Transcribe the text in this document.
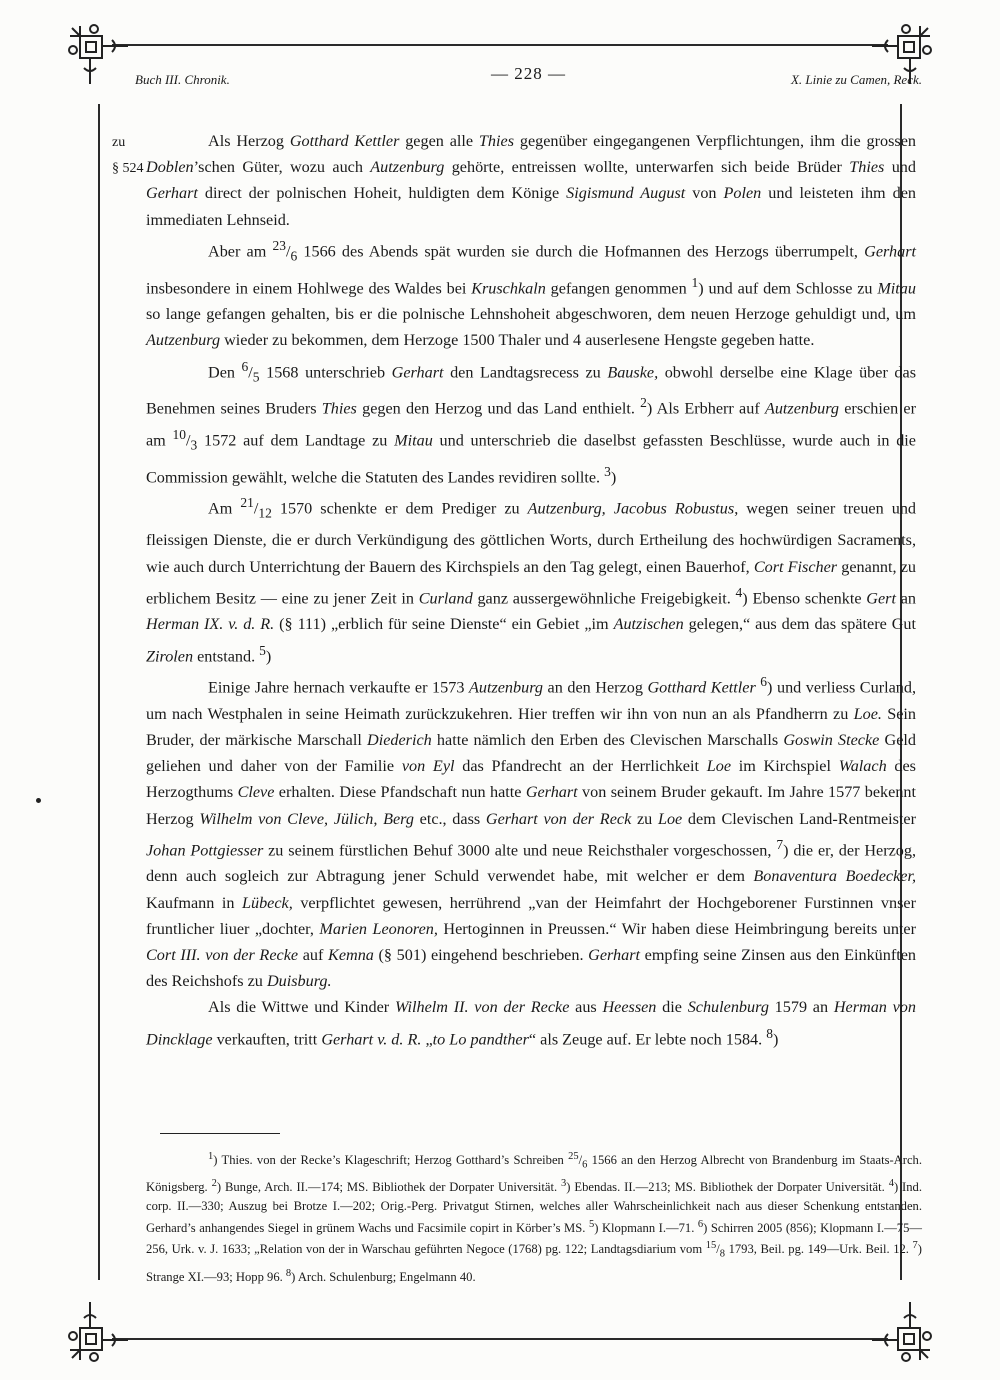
Buch III. Chronik.	— 228 —	X. Linie zu Camen, Reck.
zu
§ 524

Als Herzog Gotthard Kettler gegen alle Thies gegenüber eingegangenen Verpflichtungen, ihm die grossen Doblen’schen Güter, wozu auch Autzenburg gehörte, entreissen wollte, unterwarfen sich beide Brüder Thies und Gerhart direct der polnischen Hoheit, huldigten dem Könige Sigismund August von Polen und leisteten ihm den immediaten Lehnseid.

Aber am $^{23}/_6$ 1566 des Abends spät wurden sie durch die Hofmannen des Herzogs überrumpelt, Gerhart insbesondere in einem Hohlwege des Waldes bei Kruschkaln gefangen genommen $^1$) und auf dem Schlosse zu Mitau so lange gefangen gehalten, bis er die polnische Lehnshoheit abgeschworen, dem neuen Herzoge gehuldigt und, um Autzenburg wieder zu bekommen, dem Herzoge 1500 Thaler und 4 auserlesene Hengste gegeben hatte.

Den $^6/_5$ 1568 unterschrieb Gerhart den Landtagsrecess zu Bauske, obwohl derselbe eine Klage über das Benehmen seines Bruders Thies gegen den Herzog und das Land enthielt. $^2$) Als Erbherr auf Autzenburg erschien er am $^{10}/_3$ 1572 auf dem Landtage zu Mitau und unterschrieb die daselbst gefassten Beschlüsse, wurde auch in die Commission gewählt, welche die Statuten des Landes revidiren sollte. $^3$)

Am $^{21}/_{12}$ 1570 schenkte er dem Prediger zu Autzenburg, Jacobus Robustus, wegen seiner treuen und fleissigen Dienste, die er durch Verkündigung des göttlichen Worts, durch Ertheilung des hochwürdigen Sacraments, wie auch durch Unterrichtung der Bauern des Kirchspiels an den Tag gelegt, einen Bauerhof, Cort Fischer genannt, zu erblichem Besitz — eine zu jener Zeit in Curland ganz aussergewöhnliche Freigebigkeit. $^4$) Ebenso schenkte Gert an Herman IX. v. d. R. (§ 111) „erblich für seine Dienste“ ein Gebiet „im Autzischen gelegen,“ aus dem das spätere Gut Zirolen entstand. $^5$)

Einige Jahre hernach verkaufte er 1573 Autzenburg an den Herzog Gotthard Kettler $^6$) und verliess Curland, um nach Westphalen in seine Heimath zurückzukehren. Hier treffen wir ihn von nun an als Pfandherrn zu Loe. Sein Bruder, der märkische Marschall Diederich hatte nämlich den Erben des Clevischen Marschalls Goswin Stecke Geld geliehen und daher von der Familie von Eyl das Pfandrecht an der Herrlichkeit Loe im Kirchspiel Walach des Herzogthums Cleve erhalten. Diese Pfandschaft nun hatte Gerhart von seinem Bruder gekauft. Im Jahre 1577 bekennt Herzog Wilhelm von Cleve, Jülich, Berg etc., dass Gerhart von der Reck zu Loe dem Clevischen Land-Rentmeister Johan Pottgiesser zu seinem fürstlichen Behuf 3000 alte und neue Reichsthaler vorgeschossen, $^7$) die er, der Herzog, denn auch sogleich zur Abtragung jener Schuld verwendet habe, mit welcher er dem Bonaventura Boedecker, Kaufmann in Lübeck, verpflichtet gewesen, herrührend „van der Heimfahrt der Hochgeborener Furstinnen vnser fruntlicher liuer „dochter, Marien Leonoren, Hertoginnen in Preussen.“ Wir haben diese Heimbringung bereits unter Cort III. von der Recke auf Kemna (§ 501) eingehend beschrieben. Gerhart empfing seine Zinsen aus den Einkünften des Reichshofs zu Duisburg.

Als die Wittwe und Kinder Wilhelm II. von der Recke aus Heessen die Schulenburg 1579 an Herman von Dincklage verkauften, tritt Gerhart v. d. R. „to Lo pandther“ als Zeuge auf. Er lebte noch 1584. $^8$)

$^1$) Thies. von der Recke’s Klageschrift; Herzog Gotthard’s Schreiben $^{25}/_6$ 1566 an den Herzog Albrecht von Brandenburg im Staats-Arch. Königsberg. $^2$) Bunge, Arch. II.—174; MS. Bibliothek der Dorpater Universität. $^3$) Ebendas. II.—213; MS. Bibliothek der Dorpater Universität. $^4$) Ind. corp. II.—330; Auszug bei Brotze I.—202; Orig.-Perg. Privatgut Stirnen, welches aller Wahrscheinlichkeit nach aus dieser Schenkung entstanden. Gerhard’s anhangendes Siegel in grünem Wachs und Facsimile copirt in Körber’s MS. $^5$) Klopmann I.—71. $^6$) Schirren 2005 (856); Klopmann I.—75—256, Urk. v. J. 1633; „Relation von der in Warschau geführten Negoce (1768) pg. 122; Landtagsdiarium vom $^{15}/_8$ 1793, Beil. pg. 149—Urk. Beil. 12. $^7$) Strange XI.—93; Hopp 96. $^8$) Arch. Schulenburg; Engelmann 40.
